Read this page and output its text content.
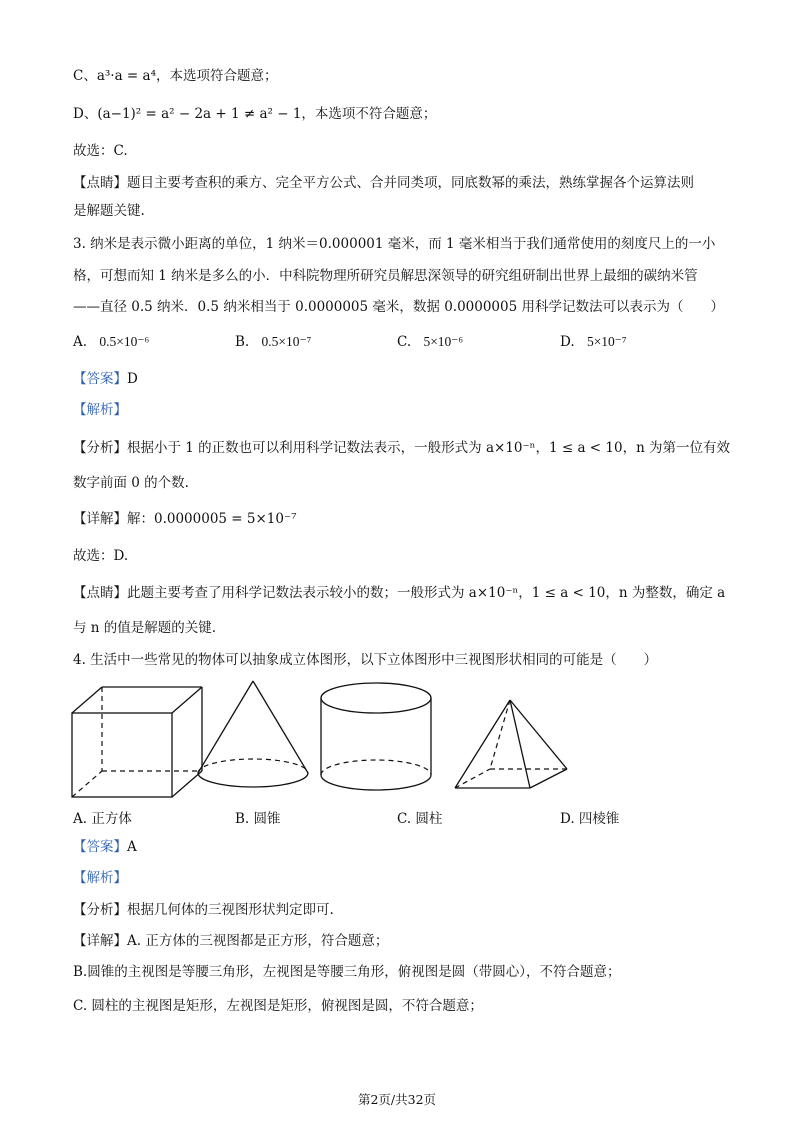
C、a³·a = a⁴，本选项符合题意；
D、(a−1)² = a² − 2a + 1 ≠ a² − 1，本选项不符合题意；
故选：C.
【点睛】题目主要考查积的乘方、完全平方公式、合并同类项，同底数幂的乘法，熟练掌握各个运算法则
是解题关键.
3. 纳米是表示微小距离的单位，1 纳米＝0.000001 毫米，而 1 毫米相当于我们通常使用的刻度尺上的一小
格，可想而知 1 纳米是多么的小．中科院物理所研究员解思深领导的研究组研制出世界上最细的碳纳米管
——直径 0.5 纳米．0.5 纳米相当于 0.0000005 毫米，数据 0.0000005 用科学记数法可以表示为（　　）
A. 0.5×10⁻⁶	B. 0.5×10⁻⁷	C. 5×10⁻⁶	D. 5×10⁻⁷
【答案】D
【解析】
【分析】根据小于 1 的正数也可以利用科学记数法表示，一般形式为 a×10⁻ⁿ，1 ≤ a < 10，n 为第一位有效
数字前面 0 的个数.
【详解】解：0.0000005 = 5×10⁻⁷
故选：D.
【点睛】此题主要考查了用科学记数法表示较小的数；一般形式为 a×10⁻ⁿ，1 ≤ a < 10，n 为整数，确定 a
与 n 的值是解题的关键.
4. 生活中一些常见的物体可以抽象成立体图形，以下立体图形中三视图形状相同的可能是（　　）
A. 正方体	B. 圆锥	C. 圆柱	D. 四棱锥
【答案】A
【解析】
【分析】根据几何体的三视图形状判定即可.
【详解】A. 正方体的三视图都是正方形，符合题意；
B.圆锥的主视图是等腰三角形，左视图是等腰三角形，俯视图是圆（带圆心），不符合题意；
C. 圆柱的主视图是矩形，左视图是矩形，俯视图是圆，不符合题意；
第2页/共32页
